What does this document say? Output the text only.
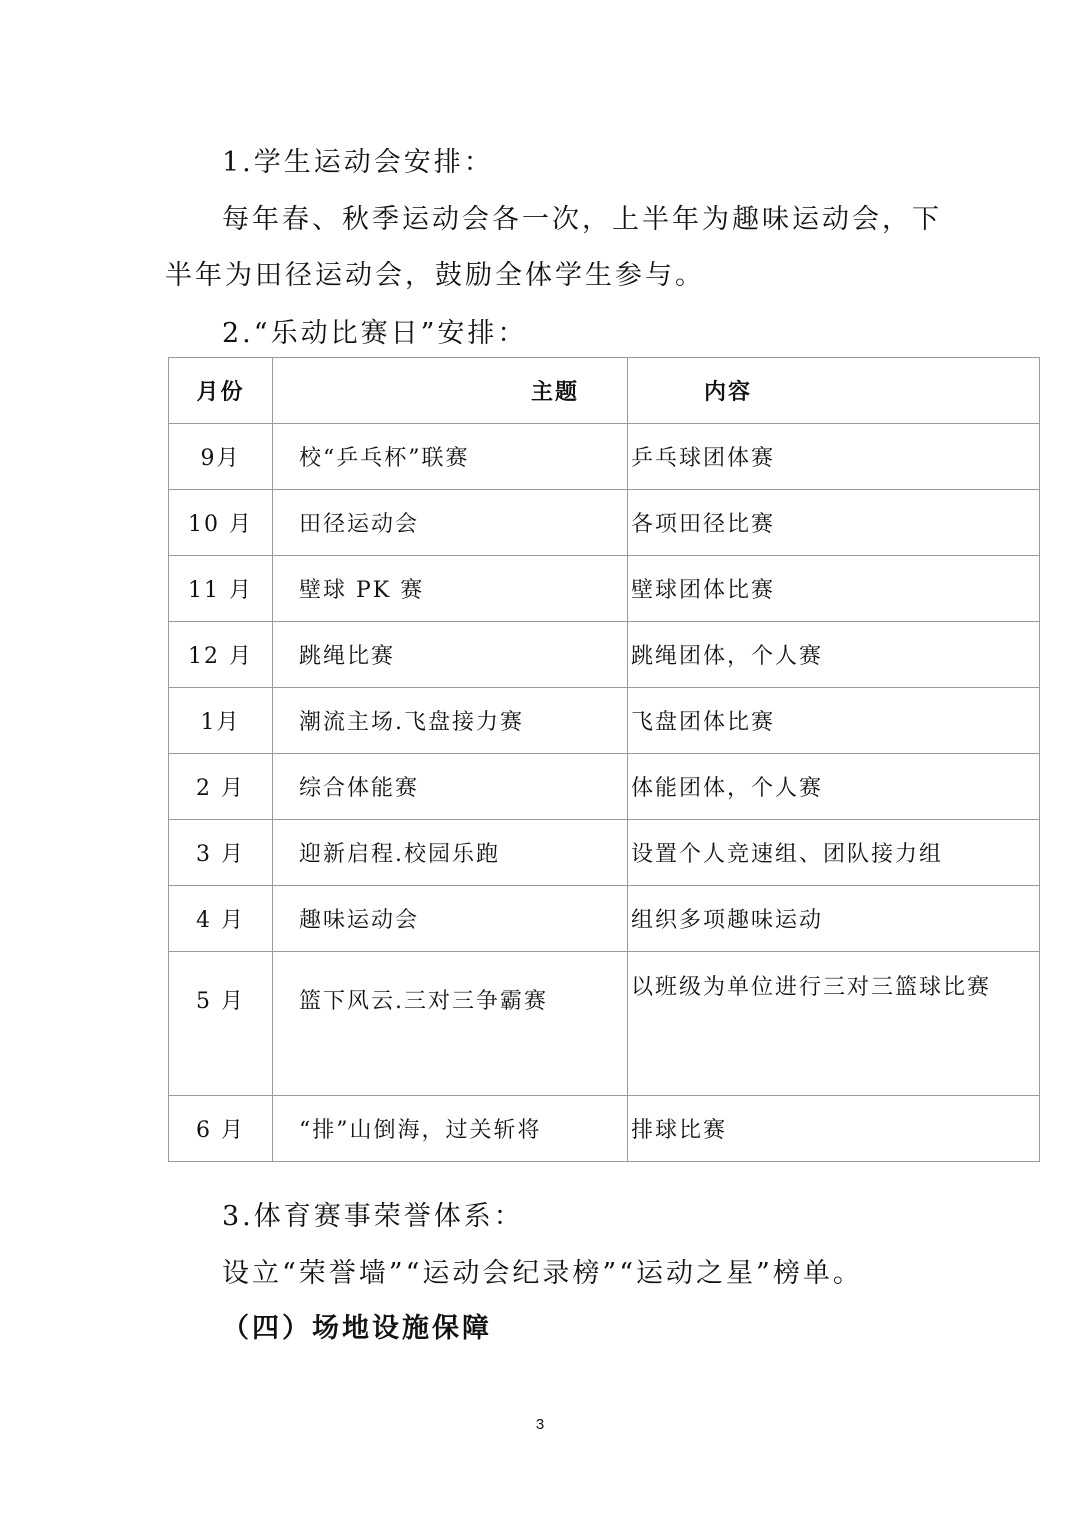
1.学生运动会安排：
每年春、秋季运动会各一次，上半年为趣味运动会，下
半年为田径运动会，鼓励全体学生参与。
2.“乐动比赛日”安排：
月份	主题	内容
9月	校“乒乓杯”联赛	乒乓球团体赛
10 月	田径运动会	各项田径比赛
11 月	壁球 PK 赛	壁球团体比赛
12 月	跳绳比赛	跳绳团体，个人赛
1月	潮流主场.飞盘接力赛	飞盘团体比赛
2 月	综合体能赛	体能团体，个人赛
3 月	迎新启程.校园乐跑	设置个人竞速组、团队接力组
4 月	趣味运动会	组织多项趣味运动
5 月	篮下风云.三对三争霸赛	以班级为单位进行三对三篮球比赛
6 月	“排”山倒海，过关斩将	排球比赛
3.体育赛事荣誉体系：
设立“荣誉墙”“运动会纪录榜”“运动之星”榜单。
（四）场地设施保障
3
